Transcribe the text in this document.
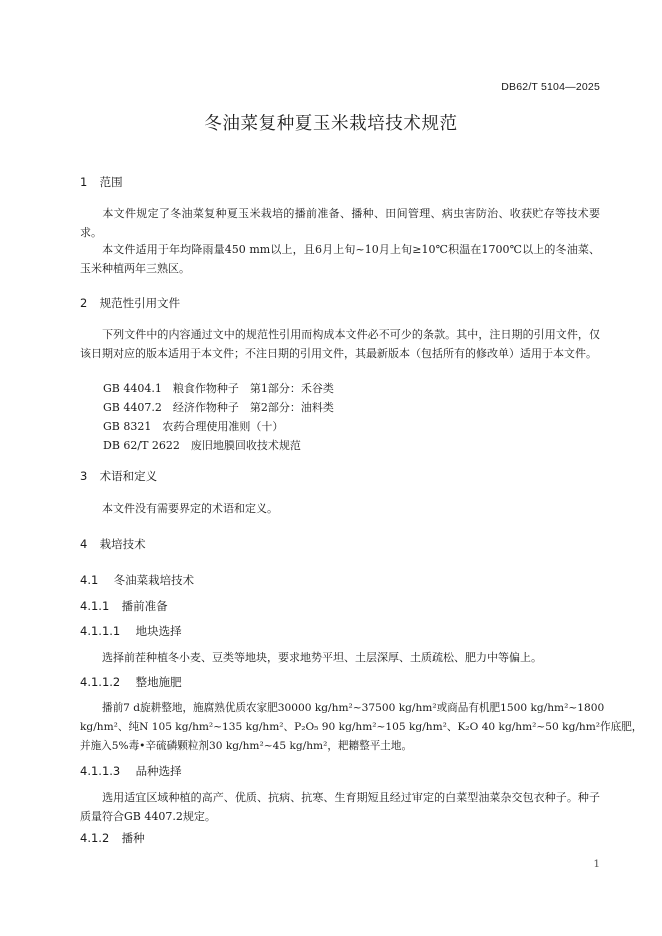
DB62/T 5104—2025
冬油菜复种夏玉米栽培技术规范
1 范围
本文件规定了冬油菜复种夏玉米栽培的播前准备、播种、田间管理、病虫害防治、收获贮存等技术要求。
本文件适用于年均降雨量450 mm以上，且6月上旬~10月上旬≥10℃积温在1700℃以上的冬油菜、玉米种植两年三熟区。
2 规范性引用文件
下列文件中的内容通过文中的规范性引用而构成本文件必不可少的条款。其中，注日期的引用文件，仅该日期对应的版本适用于本文件；不注日期的引用文件，其最新版本（包括所有的修改单）适用于本文件。
GB 4404.1　粮食作物种子　第1部分：禾谷类
GB 4407.2　经济作物种子　第2部分：油料类
GB 8321　农药合理使用准则（十）
DB 62/T 2622　废旧地膜回收技术规范
3 术语和定义
本文件没有需要界定的术语和定义。
4 栽培技术
4.1 冬油菜栽培技术
4.1.1 播前准备
4.1.1.1 地块选择
选择前茬种植冬小麦、豆类等地块，要求地势平坦、土层深厚、土质疏松、肥力中等偏上。
4.1.1.2 整地施肥
播前7 d旋耕整地，施腐熟优质农家肥30000 kg/hm²~37500 kg/hm²或商品有机肥1500 kg/hm²~1800
kg/hm²、纯N 105 kg/hm²~135 kg/hm²、P₂O₅ 90 kg/hm²~105 kg/hm²、K₂O 40 kg/hm²~50 kg/hm²作底肥，
并施入5%毒•辛硫磷颗粒剂30 kg/hm²~45 kg/hm²，耙耱整平土地。
4.1.1.3 品种选择
选用适宜区域种植的高产、优质、抗病、抗寒、生育期短且经过审定的白菜型油菜杂交包衣种子。种子质量符合GB 4407.2规定。
4.1.2 播种
1
